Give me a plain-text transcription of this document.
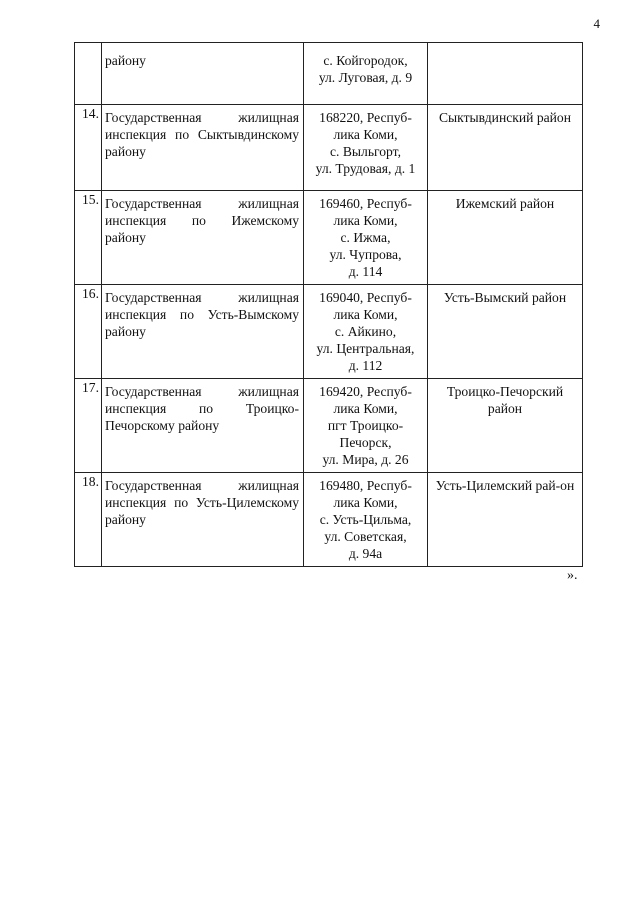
4
	району	с. Койгородок,
ул. Луговая, д. 9	

14.	Государственная жилищная инспекция по Сыктывдинскому району	168220, Респуб-
лика Коми,
с. Выльгорт,
ул. Трудовая, д. 1	Сыктывдинский район
15.	Государственная жилищная инспекция по Ижемскому району	169460, Респуб-
лика Коми,
с. Ижма,
ул. Чупрова,
д. 114	Ижемский район
16.	Государственная жилищная инспекция по Усть-Вымскому району	169040, Респуб-
лика Коми,
с. Айкино,
ул. Центральная,
д. 112	Усть-Вымский район
17.	Государственная жилищная инспекция по Троицко-Печорскому району	169420, Респуб-
лика Коми,
пгт Троицко-
Печорск,
ул. Мира, д. 26	Троицко-Печорский район
18.	Государственная жилищная инспекция по Усть-Цилемскому району	169480, Респуб-
лика Коми,
с. Усть-Цильма,
ул. Советская,
д. 94а	Усть-Цилемский рай-он
».
